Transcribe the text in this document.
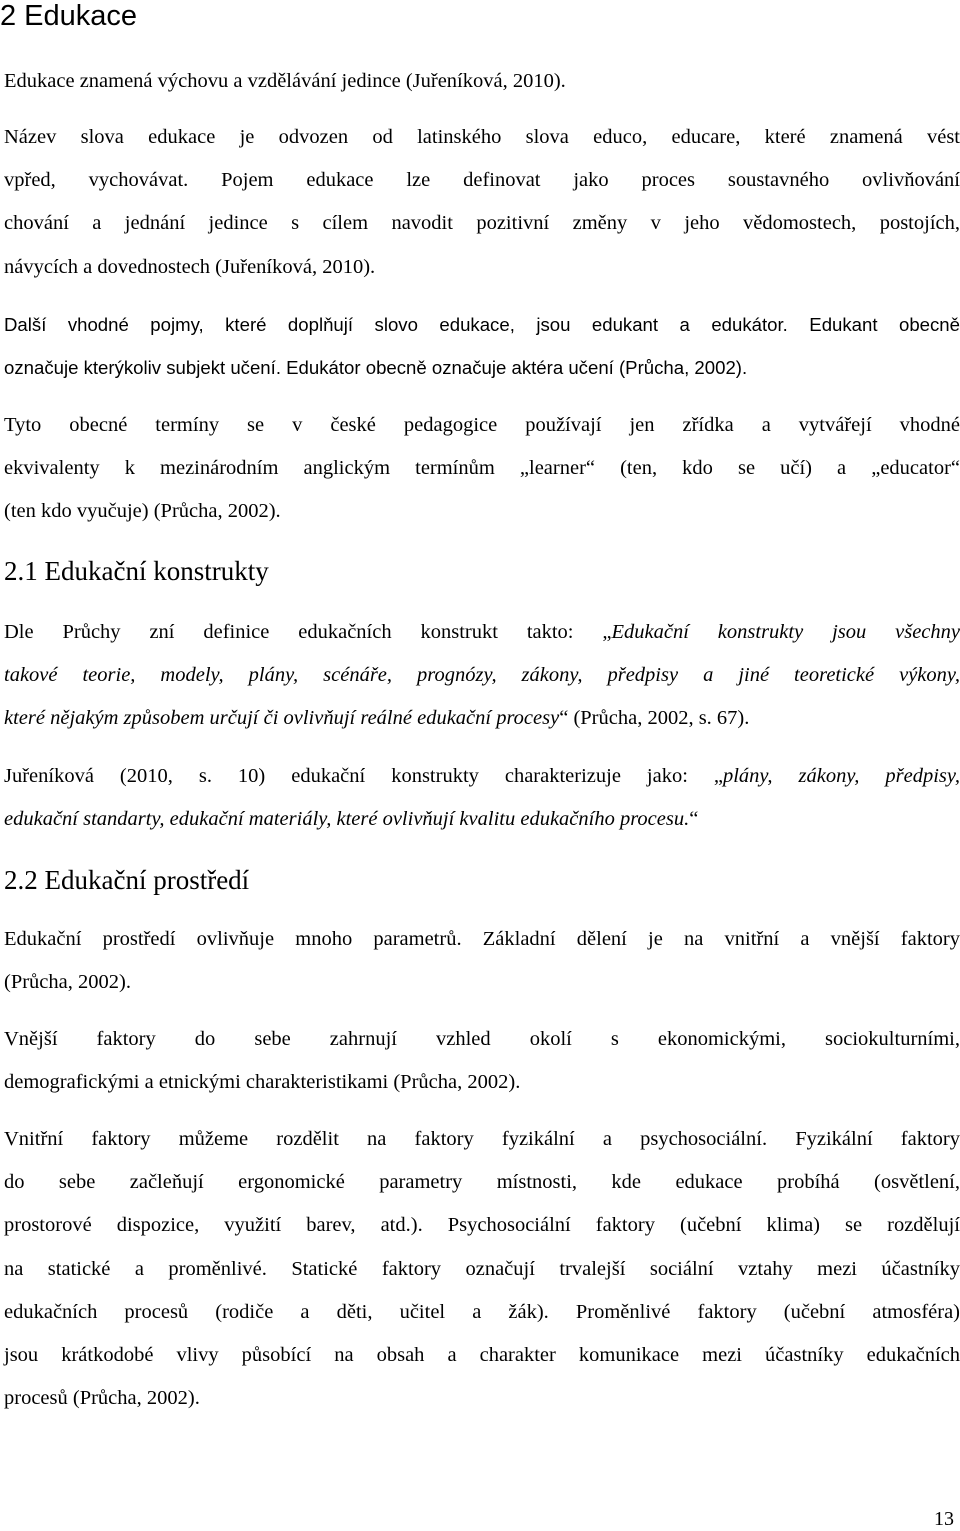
2 Edukace

Edukace znamená výchovu a vzdělávání jedince (Juřeníková, 2010).

Název slova edukace je odvozen od latinského slova educo, educare, které znamená vést
vpřed, vychovávat. Pojem edukace lze definovat jako proces soustavného ovlivňování
chování a jednání jedince s cílem navodit pozitivní změny v jeho vědomostech, postojích,
návycích a dovednostech (Juřeníková, 2010).

Další vhodné pojmy, které doplňují slovo edukace, jsou edukant a edukátor. Edukant obecně
označuje kterýkoliv subjekt učení. Edukátor obecně označuje aktéra učení (Průcha, 2002).

Tyto obecné termíny se v české pedagogice používají jen zřídka a vytvářejí vhodné
ekvivalenty k mezinárodním anglickým termínům „learner“ (ten, kdo se učí) a „educator“
(ten kdo vyučuje) (Průcha, 2002).

2.1 Edukační konstrukty

Dle Průchy zní definice edukačních konstrukt takto: „Edukační konstrukty jsou všechny
takové teorie, modely, plány, scénáře, prognózy, zákony, předpisy a jiné teoretické výkony,
které nějakým způsobem určují či ovlivňují reálné edukační procesy“ (Průcha, 2002, s. 67).

Juřeníková (2010, s. 10) edukační konstrukty charakterizuje jako: „plány, zákony, předpisy,
edukační standarty, edukační materiály, které ovlivňují kvalitu edukačního procesu.“

2.2 Edukační prostředí

Edukační prostředí ovlivňuje mnoho parametrů. Základní dělení je na vnitřní a vnější faktory
(Průcha, 2002).

Vnější faktory do sebe zahrnují vzhled okolí s ekonomickými, sociokulturními,
demografickými a etnickými charakteristikami (Průcha, 2002).

Vnitřní faktory můžeme rozdělit na faktory fyzikální a psychosociální. Fyzikální faktory
do sebe začleňují ergonomické parametry místnosti, kde edukace probíhá (osvětlení,
prostorové dispozice, využití barev, atd.). Psychosociální faktory (učební klima) se rozdělují
na statické a proměnlivé. Statické faktory označují trvalejší sociální vztahy mezi účastníky
edukačních procesů (rodiče a děti, učitel a žák). Proměnlivé faktory (učební atmosféra)
jsou krátkodobé vlivy působící na obsah a charakter komunikace mezi účastníky edukačních
procesů (Průcha, 2002).

13
